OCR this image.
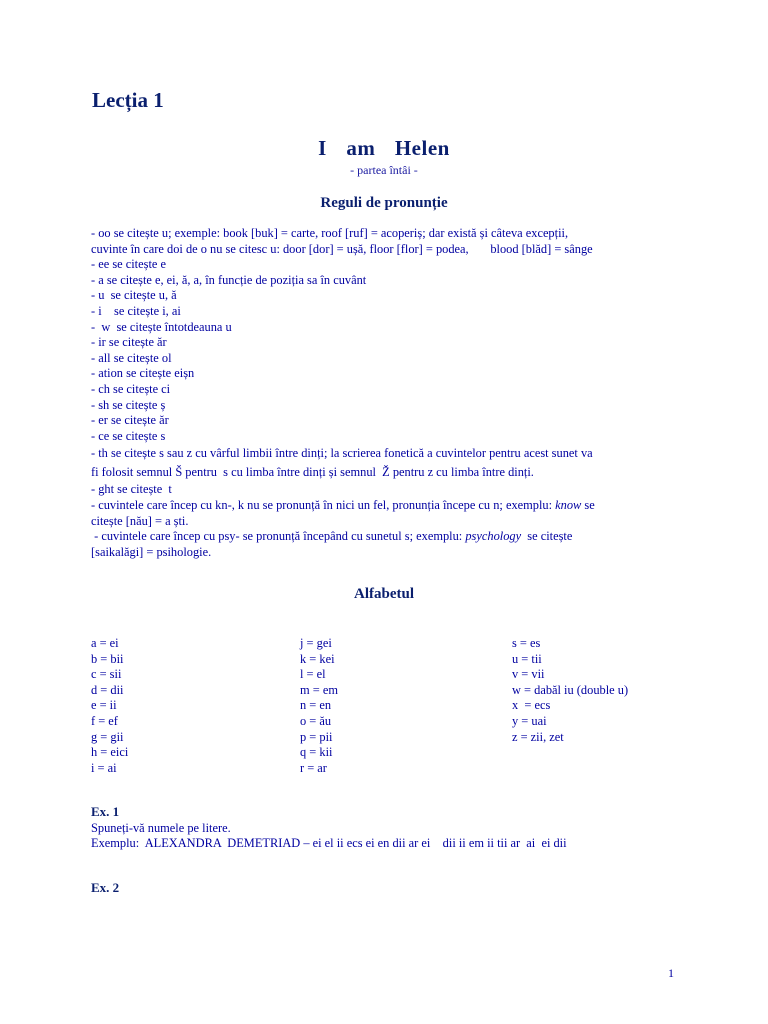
Lecția 1
I  am  Helen
- partea întâi -
Reguli de pronunție
- oo se citește u; exemple: book [buk] = carte, roof [ruf] = acoperiș; dar există și câteva excepții,
cuvinte în care doi de o nu se citesc u: door [dor] = ușă, floor [flor] = podea,       blood [blăd] = sânge
- ee se citește e
- a se citește e, ei, ă, a, în funcție de poziția sa în cuvânt
- u  se citește u, ă
- i    se citește i, ai
-  w  se citește întotdeauna u
- ir se citește ăr
- all se citește ol
- ation se citește eișn
- ch se citește ci
- sh se citește ș
- er se citește ăr
- ce se citește s
- th se citește s sau z cu vârful limbii între dinți; la scrierea fonetică a cuvintelor pentru acest sunet va
fi folosit semnul Š pentru  s cu limba între dinți și semnul  Ž pentru z cu limba între dinți.
- ght se citește  t
- cuvintele care încep cu kn-, k nu se pronunță în nici un fel, pronunția începe cu n; exemplu: know se
citește [nău] = a ști.
- cuvintele care încep cu psy- se pronunță începând cu sunetul s; exemplu: psychology  se citește
[saikalăgi] = psihologie.
Alfabetul
a = ei
b = bii
c = sii
d = dii
e = ii
f = ef
g = gii
h = eici
i = ai
j = gei
k = kei
l = el
m = em
n = en
o = ău
p = pii
q = kii
r = ar
s = es
u = tii
v = vii
w = dabăl iu (double u)
x  = ecs
y = uai
z = zii, zet
Ex. 1
Spuneți-vă numele pe litere.
Exemplu:  ALEXANDRA  DEMETRIAD – ei el ii ecs ei en dii ar ei    dii ii em ii tii ar  ai  ei dii
Ex. 2
1
